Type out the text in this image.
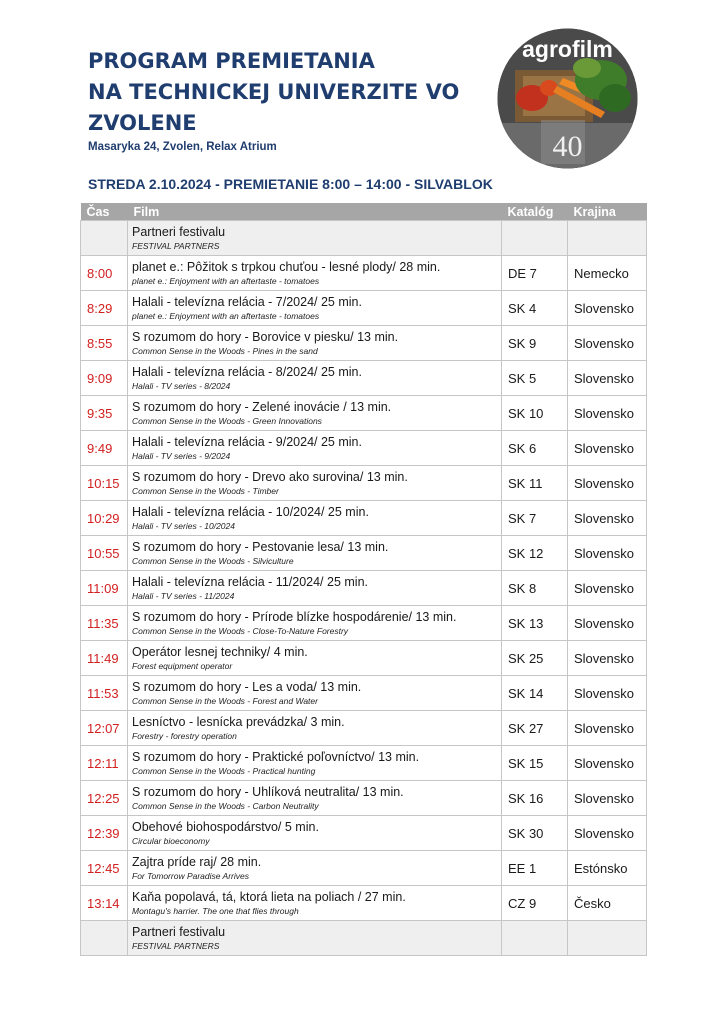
PROGRAM PREMIETANIA
NA TECHNICKEJ UNIVERZITE VO
ZVOLENE
Masaryka 24, Zvolen, Relax Atrium
STREDA 2.10.2024 - PREMIETANIE 8:00 – 14:00 - SILVABLOK
agrofilm
40
Čas	Film	Katalóg	Krajina

	Partneri festivalu
FESTIVAL PARTNERS		

8:00	planet e.: Pôžitok s trpkou chuťou - lesné plody/ 28 min.
planet e.: Enjoyment with an aftertaste - tomatoes	DE 7	Nemecko
8:29	Halali - televízna relácia - 7/2024/ 25 min.
planet e.: Enjoyment with an aftertaste - tomatoes	SK 4	Slovensko
8:55	S rozumom do hory - Borovice v piesku/ 13 min.
Common Sense in the Woods - Pines in the sand	SK 9	Slovensko
9:09	Halali - televízna relácia - 8/2024/ 25 min.
Halali - TV series - 8/2024	SK 5	Slovensko
9:35	S rozumom do hory - Zelené inovácie / 13 min.
Common Sense in the Woods - Green Innovations	SK 10	Slovensko
9:49	Halali - televízna relácia - 9/2024/ 25 min.
Halali - TV series - 9/2024	SK 6	Slovensko
10:15	S rozumom do hory - Drevo ako surovina/ 13 min.
Common Sense in the Woods - Timber	SK 11	Slovensko
10:29	Halali - televízna relácia - 10/2024/ 25 min.
Halali - TV series - 10/2024	SK 7	Slovensko
10:55	S rozumom do hory - Pestovanie lesa/ 13 min.
Common Sense in the Woods - Silviculture	SK 12	Slovensko
11:09	Halali - televízna relácia - 11/2024/ 25 min.
Halali - TV series - 11/2024	SK 8	Slovensko
11:35	S rozumom do hory - Prírode blízke hospodárenie/ 13 min.
Common Sense in the Woods - Close-To-Nature Forestry	SK 13	Slovensko
11:49	Operátor lesnej techniky/ 4 min.
Forest equipment operator	SK 25	Slovensko
11:53	S rozumom do hory - Les a voda/ 13 min.
Common Sense in the Woods - Forest and Water	SK 14	Slovensko
12:07	Lesníctvo - lesnícka prevádzka/ 3 min.
Forestry - forestry operation	SK 27	Slovensko
12:11	S rozumom do hory - Praktické poľovníctvo/ 13 min.
Common Sense in the Woods - Practical hunting	SK 15	Slovensko
12:25	S rozumom do hory - Uhlíková neutralita/ 13 min.
Common Sense in the Woods - Carbon Neutrality	SK 16	Slovensko
12:39	Obehové biohospodárstvo/ 5 min.
Circular bioeconomy	SK 30	Slovensko
12:45	Zajtra príde raj/ 28 min.
For Tomorrow Paradise Arrives	EE 1	Estónsko
13:14	Kaňa popolavá, tá, ktorá lieta na poliach / 27 min.
Montagu's harrier. The one that flies through	CZ 9	Česko

	Partneri festivalu
FESTIVAL PARTNERS		
